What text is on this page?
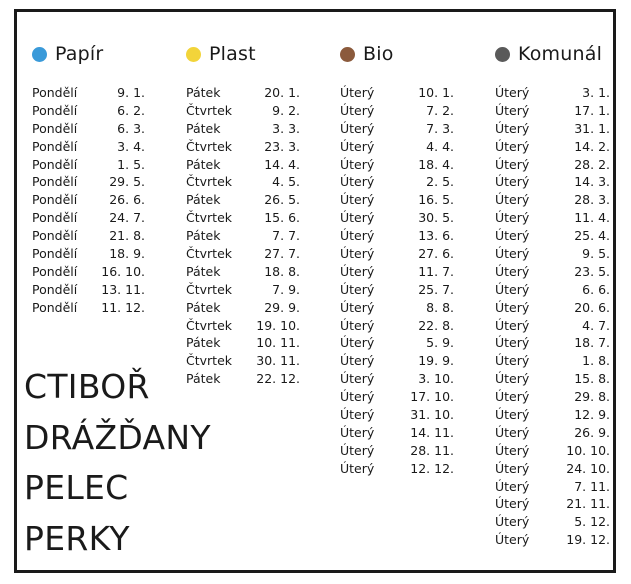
Papír
Pondělí	9. 1.
Pondělí	6. 2.
Pondělí	6. 3.
Pondělí	3. 4.
Pondělí	1. 5.
Pondělí	29. 5.
Pondělí	26. 6.
Pondělí	24. 7.
Pondělí	21. 8.
Pondělí	18. 9.
Pondělí 16. 10.
Pondělí 13. 11.
Pondělí 11. 12.
Plast
Pátek	20. 1.
Čtvrtek	9. 2.
Pátek	3. 3.
Čtvrtek	23. 3.
Pátek	14. 4.
Čtvrtek	4. 5.
Pátek	26. 5.
Čtvrtek	15. 6.
Pátek	7. 7.
Čtvrtek	27. 7.
Pátek	18. 8.
Čtvrtek	7. 9.
Pátek	29. 9.
Čtvrtek 19. 10.
Pátek	10. 11.
Čtvrtek 30. 11.
Pátek	22. 12.
Bio
Úterý	10. 1.
Úterý	7. 2.
Úterý	7. 3.
Úterý	4. 4.
Úterý	18. 4.
Úterý	2. 5.
Úterý	16. 5.
Úterý	30. 5.
Úterý	13. 6.
Úterý	27. 6.
Úterý	11. 7.
Úterý	25. 7.
Úterý	8. 8.
Úterý	22. 8.
Úterý	5. 9.
Úterý	19. 9.
Úterý	3. 10.
Úterý	17. 10.
Úterý	31. 10.
Úterý	14. 11.
Úterý	28. 11.
Úterý	12. 12.
Komunál
Úterý	3. 1.
Úterý	17. 1.
Úterý	31. 1.
Úterý	14. 2.
Úterý	28. 2.
Úterý	14. 3.
Úterý	28. 3.
Úterý	11. 4.
Úterý	25. 4.
Úterý	9. 5.
Úterý	23. 5.
Úterý	6. 6.
Úterý	20. 6.
Úterý	4. 7.
Úterý	18. 7.
Úterý	1. 8.
Úterý	15. 8.
Úterý	29. 8.
Úterý	12. 9.
Úterý	26. 9.
Úterý	10. 10.
Úterý	24. 10.
Úterý	7. 11.
Úterý	21. 11.
Úterý	5. 12.
Úterý	19. 12.
CTIBOŘ
DRÁŽĎANY
PELEC
PERKY
